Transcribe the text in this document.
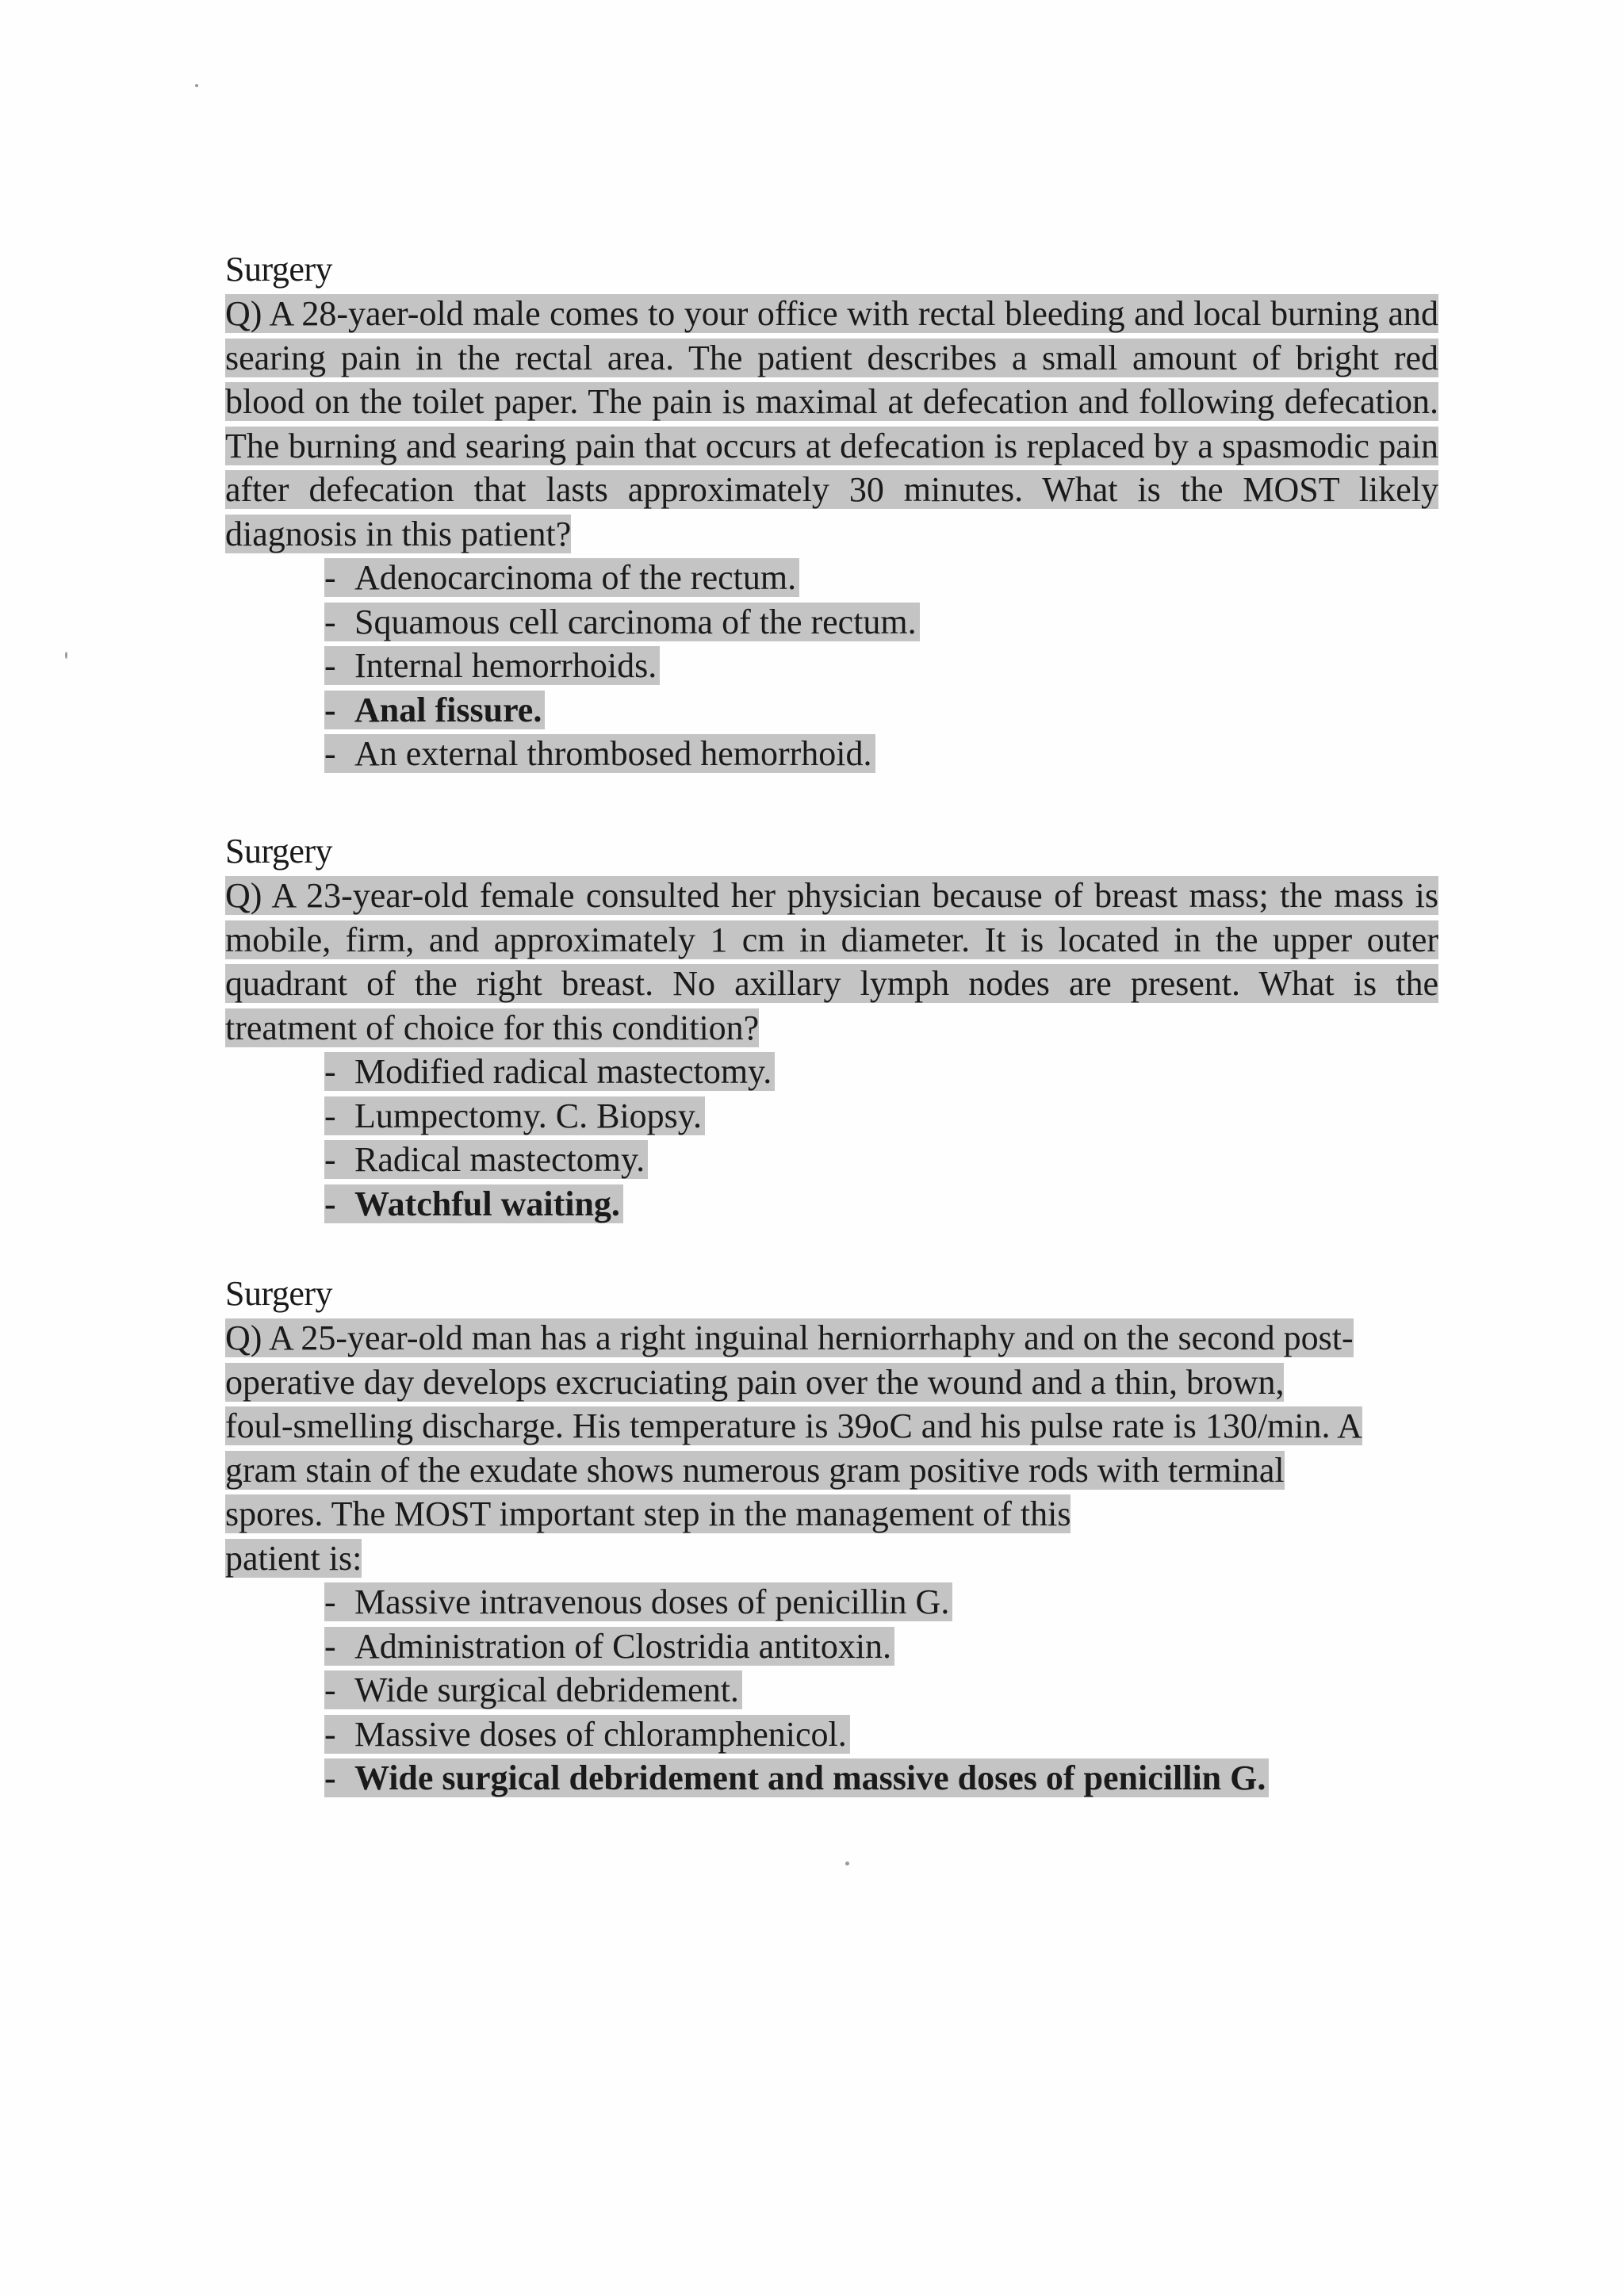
Surgery
Q) A 28-yaer-old male comes to your office with rectal bleeding and local burning and searing pain in the rectal area. The patient describes a small amount of bright red blood on the toilet paper. The pain is maximal at defecation and following defecation. The burning and searing pain that occurs at defecation is replaced by a spasmodic pain after defecation that lasts approximately 30 minutes. What is the MOST likely diagnosis in this patient?
- Adenocarcinoma of the rectum.
- Squamous cell carcinoma of the rectum.
- Internal hemorrhoids.
- Anal fissure.
- An external thrombosed hemorrhoid.
Surgery
Q) A 23-year-old female consulted her physician because of breast mass; the mass is mobile, firm, and approximately 1 cm in diameter. It is located in the upper outer quadrant of the right breast. No axillary lymph nodes are present. What is the treatment of choice for this condition?
- Modified radical mastectomy.
- Lumpectomy. C. Biopsy.
- Radical mastectomy.
- Watchful waiting.
Surgery
Q) A 25-year-old man has a right inguinal herniorrhaphy and on the second post-
operative day develops excruciating pain over the wound and a thin, brown,
foul-smelling discharge. His temperature is 39oC and his pulse rate is 130/min. A
gram stain of the exudate shows numerous gram positive rods with terminal
spores. The MOST important step in the management of this
patient is:
- Massive intravenous doses of penicillin G.
- Administration of Clostridia antitoxin.
- Wide surgical debridement.
- Massive doses of chloramphenicol.
- Wide surgical debridement and massive doses of penicillin G.
